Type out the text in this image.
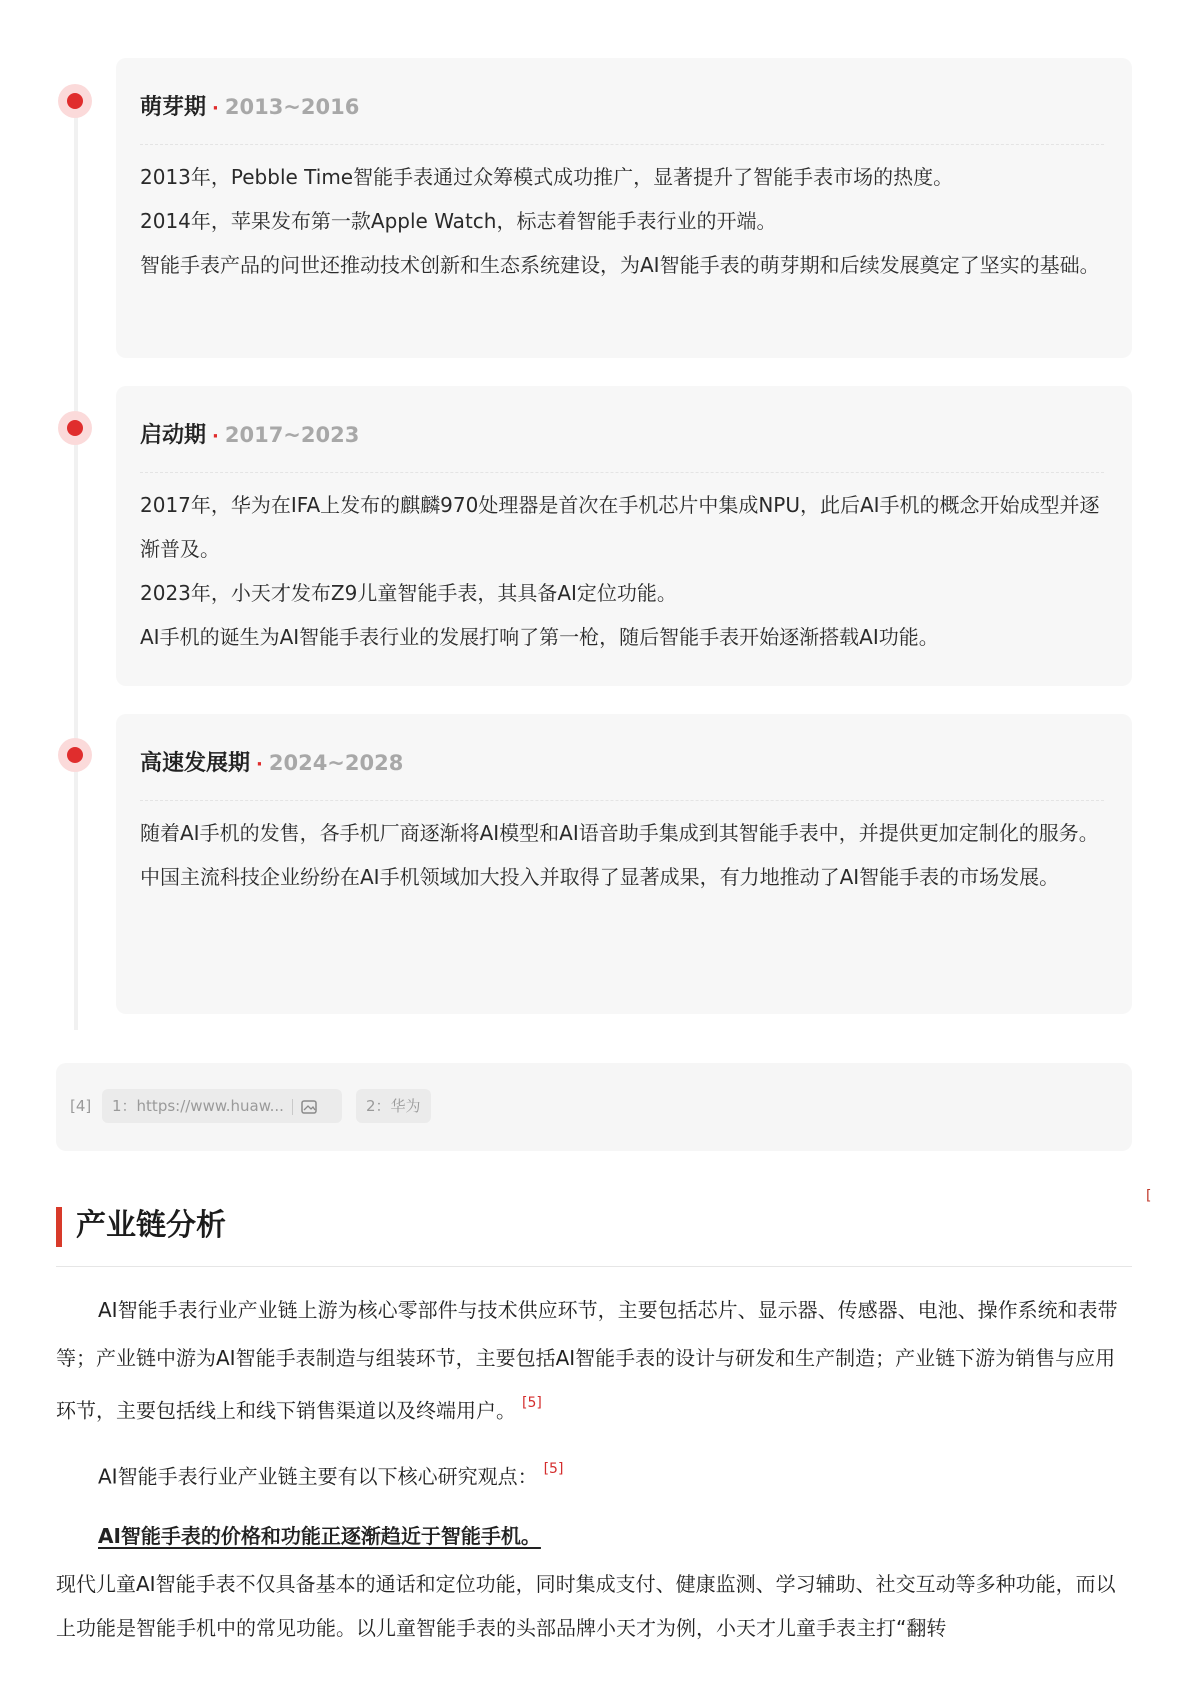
萌芽期 · 2013~2016

2013年，Pebble Time智能手表通过众筹模式成功推广，显著提升了智能手表市场的热度。

2014年，苹果发布第一款Apple Watch，标志着智能手表行业的开端。

智能手表产品的问世还推动技术创新和生态系统建设，为AI智能手表的萌芽期和后续发展奠定了坚实的基础。

启动期 · 2017~2023

2017年，华为在IFA上发布的麒麟970处理器是首次在手机芯片中集成NPU，此后AI手机的概念开始成型并逐渐普及。

2023年，小天才发布Z9儿童智能手表，其具备AI定位功能。

AI手机的诞生为AI智能手表行业的发展打响了第一枪，随后智能手表开始逐渐搭载AI功能。

高速发展期 · 2024~2028

随着AI手机的发售，各手机厂商逐渐将AI模型和AI语音助手集成到其智能手表中，并提供更加定制化的服务。

中国主流科技企业纷纷在AI手机领域加大投入并取得了显著成果，有力地推动了AI智能手表的市场发展。

[4]	1：https://www.huaw...	2：华为
[
产业链分析

AI智能手表行业产业链上游为核心零部件与技术供应环节，主要包括芯片、显示器、传感器、电池、操作系统和表带等；产业链中游为AI智能手表制造与组装环节，主要包括AI智能手表的设计与研发和生产制造；产业链下游为销售与应用环节，主要包括线上和线下销售渠道以及终端用户。 [5]

AI智能手表行业产业链主要有以下核心研究观点： [5]

AI智能手表的价格和功能正逐渐趋近于智能手机。

现代儿童AI智能手表不仅具备基本的通话和定位功能，同时集成支付、健康监测、学习辅助、社交互动等多种功能，而以上功能是智能手机中的常见功能。以儿童智能手表的头部品牌小天才为例，小天才儿童手表主打“翻转
